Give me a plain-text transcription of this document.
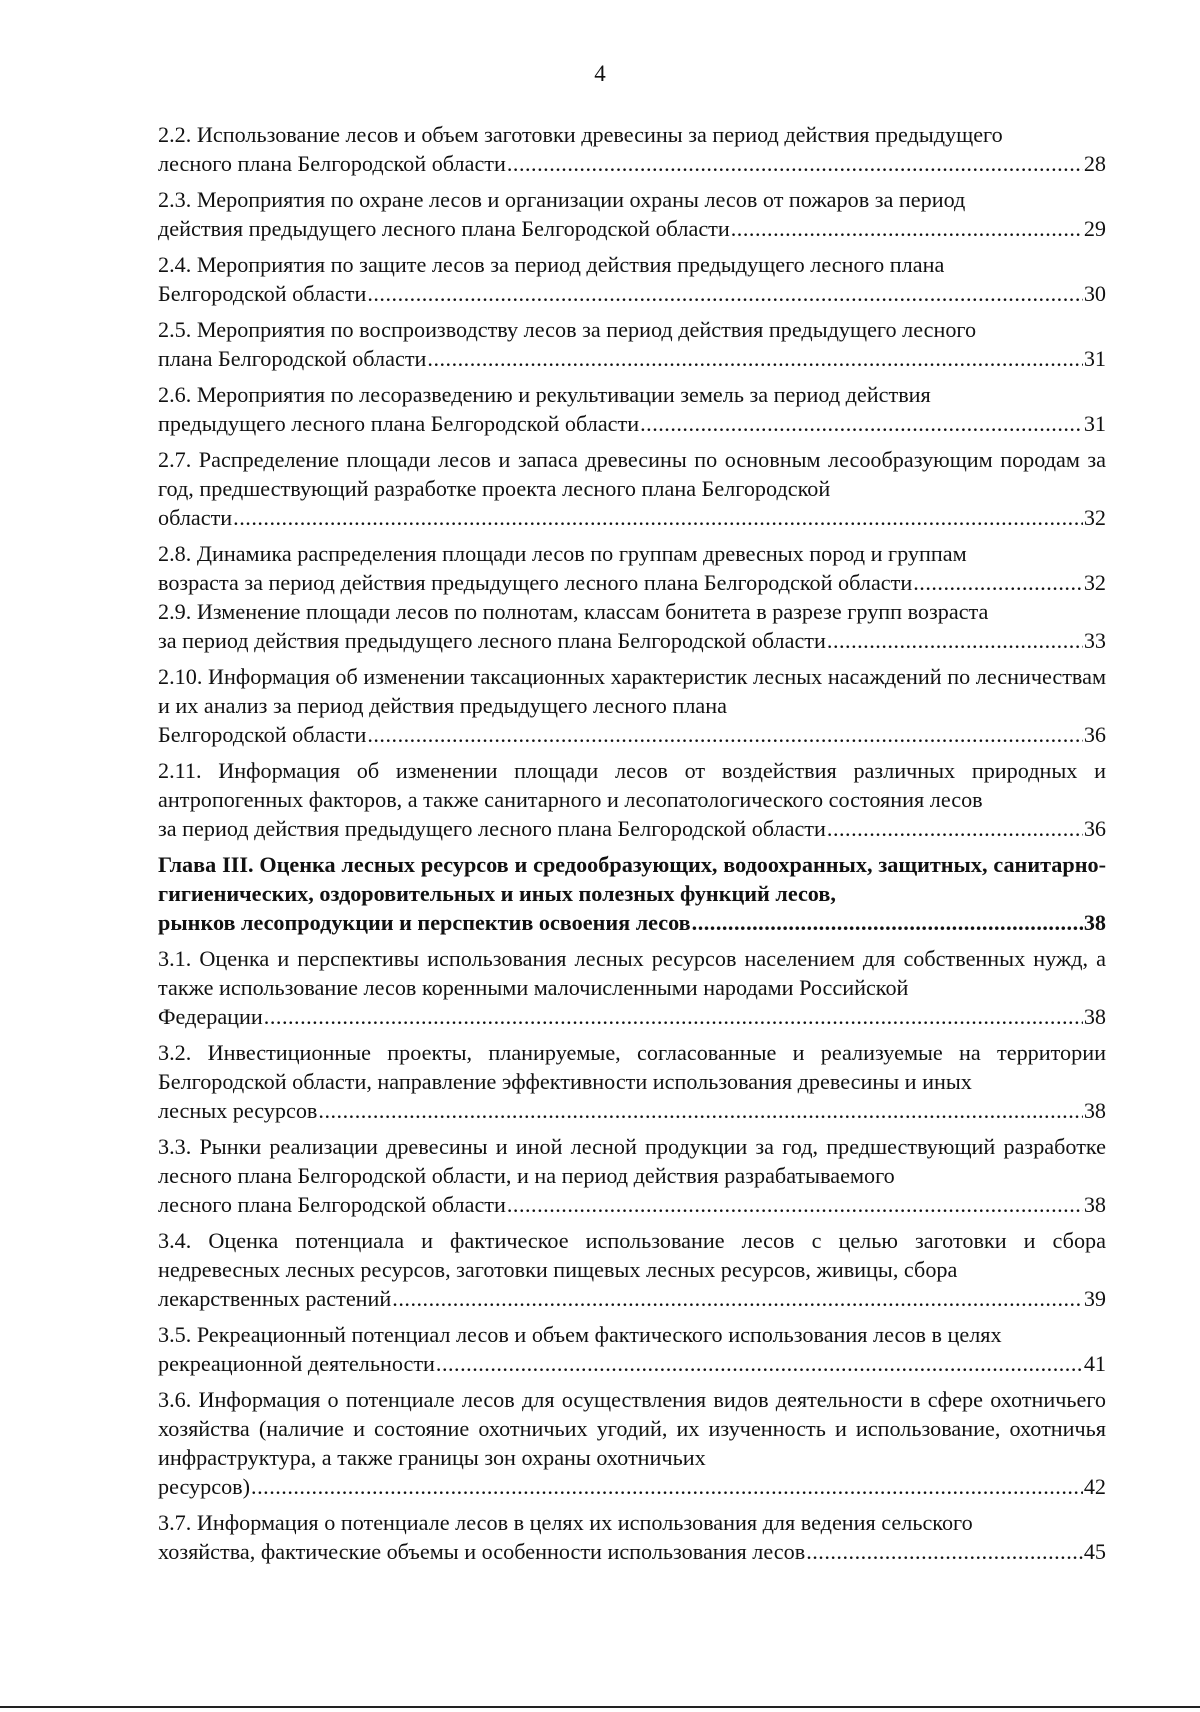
4
2.2. Использование лесов и объем заготовки древесины за период действия предыдущего
лесного плана Белгородской области .....	28
2.3. Мероприятия по охране лесов и организации охраны лесов от пожаров за период
действия предыдущего лесного плана Белгородской области .....	29
2.4. Мероприятия по защите лесов за период действия предыдущего лесного плана
Белгородской области .....	30
2.5. Мероприятия по воспроизводству лесов за период действия предыдущего лесного
плана Белгородской области .....	31
2.6. Мероприятия по лесоразведению и рекультивации земель за период действия
предыдущего лесного плана Белгородской области .....	31
2.7. Распределение площади лесов и запаса древесины по основным лесообразующим породам за год, предшествующий разработке проекта лесного плана Белгородской
области .....	32
2.8. Динамика распределения площади лесов по группам древесных пород и группам
возраста за период действия предыдущего лесного плана Белгородской области .....	32
2.9. Изменение площади лесов по полнотам, классам бонитета в разрезе групп возраста
за период действия предыдущего лесного плана Белгородской области .....	33
2.10. Информация об изменении таксационных характеристик лесных насаждений по лесничествам и их анализ за период действия предыдущего лесного плана
Белгородской области .....	36
2.11. Информация об изменении площади лесов от воздействия различных природных и антропогенных факторов, а также санитарного и лесопатологического состояния лесов
за период действия предыдущего лесного плана Белгородской области .....	36
Глава III. Оценка лесных ресурсов и средообразующих, водоохранных, защитных, санитарно-гигиенических, оздоровительных и иных полезных функций лесов,
рынков лесопродукции и перспектив освоения лесов .....	38
3.1. Оценка и перспективы использования лесных ресурсов населением для собственных нужд, а также использование лесов коренными малочисленными народами Российской
Федерации .....	38
3.2. Инвестиционные проекты, планируемые, согласованные и реализуемые на территории Белгородской области, направление эффективности использования древесины и иных
лесных ресурсов .....	38
3.3. Рынки реализации древесины и иной лесной продукции за год, предшествующий разработке лесного плана Белгородской области, и на период действия разрабатываемого
лесного плана Белгородской области .....	38
3.4. Оценка потенциала и фактическое использование лесов с целью заготовки и сбора недревесных лесных ресурсов, заготовки пищевых лесных ресурсов, живицы, сбора
лекарственных растений .....	39
3.5. Рекреационный потенциал лесов и объем фактического использования лесов в целях
рекреационной деятельности .....	41
3.6. Информация о потенциале лесов для осуществления видов деятельности в сфере охотничьего хозяйства (наличие и состояние охотничьих угодий, их изученность и использование, охотничья инфраструктура, а также границы зон охраны охотничьих
ресурсов) .....	42
3.7. Информация о потенциале лесов в целях их использования для ведения сельского
хозяйства, фактические объемы и особенности использования лесов .....	45
